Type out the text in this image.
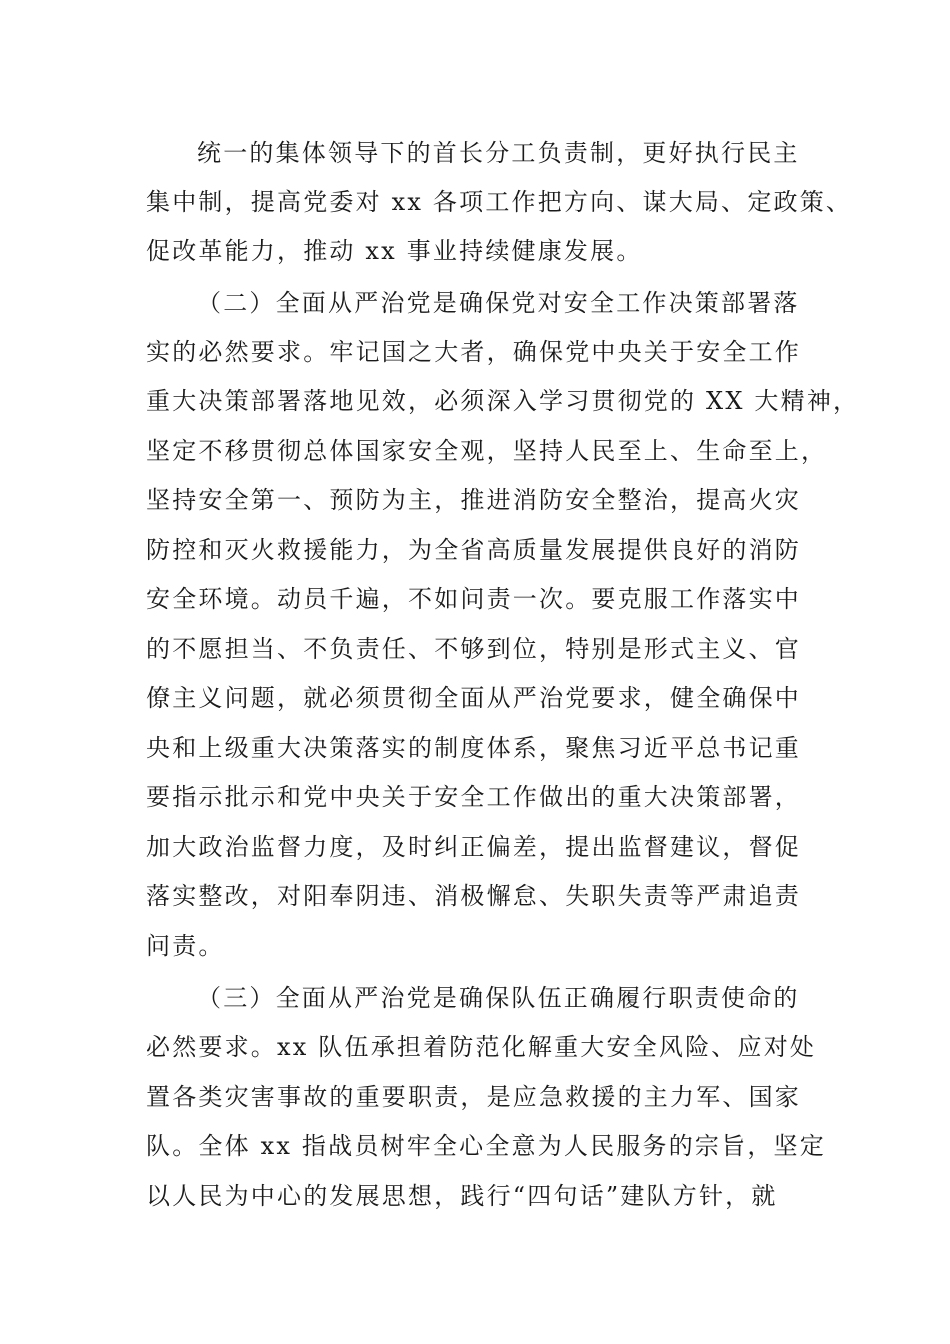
统一的集体领导下的首长分工负责制，更好执行民主
集中制，提高党委对 xx 各项工作把方向、谋大局、定政策、
促改革能力，推动 xx 事业持续健康发展。
（二）全面从严治党是确保党对安全工作决策部署落
实的必然要求。牢记国之大者，确保党中央关于安全工作
重大决策部署落地见效，必须深入学习贯彻党的 XX 大精神，
坚定不移贯彻总体国家安全观，坚持人民至上、生命至上，
坚持安全第一、预防为主，推进消防安全整治，提高火灾
防控和灭火救援能力，为全省高质量发展提供良好的消防
安全环境。动员千遍，不如问责一次。要克服工作落实中
的不愿担当、不负责任、不够到位，特别是形式主义、官
僚主义问题，就必须贯彻全面从严治党要求，健全确保中
央和上级重大决策落实的制度体系，聚焦习近平总书记重
要指示批示和党中央关于安全工作做出的重大决策部署，
加大政治监督力度，及时纠正偏差，提出监督建议，督促
落实整改，对阳奉阴违、消极懈怠、失职失责等严肃追责
问责。
（三）全面从严治党是确保队伍正确履行职责使命的
必然要求。xx 队伍承担着防范化解重大安全风险、应对处
置各类灾害事故的重要职责，是应急救援的主力军、国家
队。全体 xx 指战员树牢全心全意为人民服务的宗旨，坚定
以人民为中心的发展思想，践行“四句话”建队方针，就
